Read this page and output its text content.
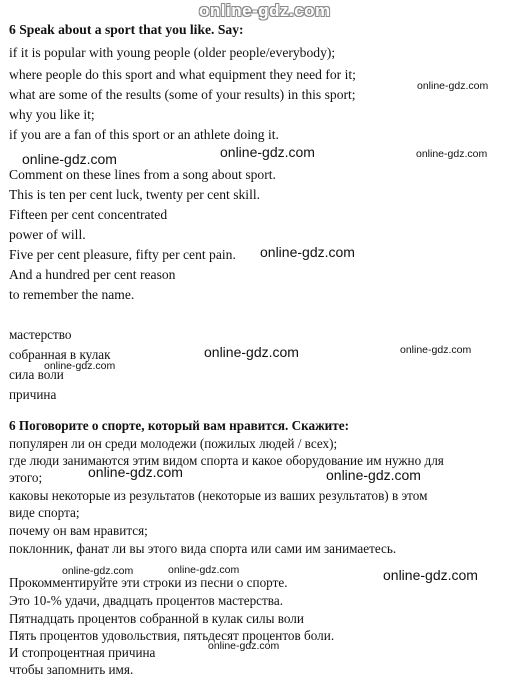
online-gdz.com
6 Speak about a sport that you like. Say:
if it is popular with young people (older people/everybody);
where people do this sport and what equipment they need for it;
what are some of the results (some of your results) in this sport;
why you like it;
if you are a fan of this sport or an athlete doing it.
Comment on these lines from a song about sport.
This is ten per cent luck, twenty per cent skill.
Fifteen per cent concentrated
power of will.
Five per cent pleasure, fifty per cent pain.
And a hundred per cent reason
to remember the name.
мастерство
собранная в кулак
сила воли
причина
6 Поговорите о спорте, который вам нравится. Скажите:
популярен ли он среди молодежи (пожилых людей / всех);
где люди занимаются этим видом спорта и какое оборудование им нужно для
этого;
каковы некоторые из результатов (некоторые из ваших результатов) в этом
виде спорта;
почему он вам нравится;
поклонник, фанат ли вы этого вида спорта или сами им занимаетесь.
Прокомментируйте эти строки из песни о спорте.
Это 10-% удачи, двадцать процентов мастерства.
Пятнадцать процентов собранной в кулак силы воли
Пять процентов удовольствия, пятьдесят процентов боли.
И стопроцентная причина
чтобы запомнить имя.
online-gdz.com
online-gdz.com	online-gdz.com	online-gdz.com
online-gdz.com
online-gdz.com	online-gdz.com
online-gdz.com
online-gdz.com	online-gdz.com
online-gdz.com	online-gdz.com	online-gdz.com
online-gdz.com
